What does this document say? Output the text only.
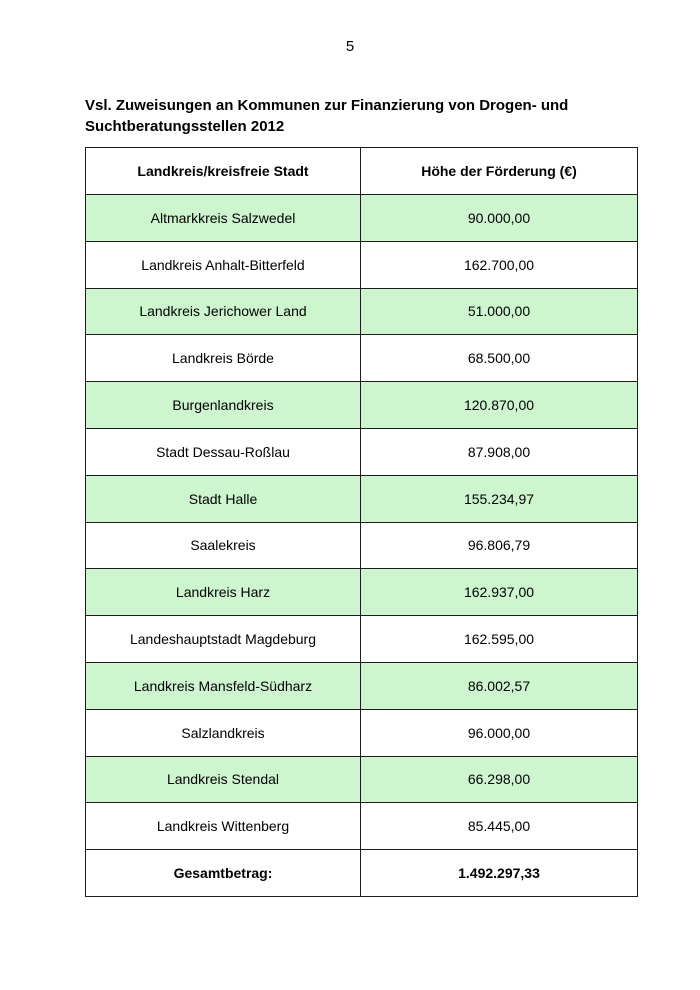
5
Vsl. Zuweisungen an Kommunen zur Finanzierung von Drogen- und
Suchtberatungsstellen 2012
Landkreis/kreisfreie Stadt	Höhe der Förderung (€)
Altmarkkreis Salzwedel	90.000,00
Landkreis Anhalt-Bitterfeld	162.700,00
Landkreis Jerichower Land	51.000,00
Landkreis Börde	68.500,00
Burgenlandkreis	120.870,00
Stadt Dessau-Roßlau	87.908,00
Stadt Halle	155.234,97
Saalekreis	96.806,79
Landkreis Harz	162.937,00
Landeshauptstadt Magdeburg	162.595,00
Landkreis Mansfeld-Südharz	86.002,57
Salzlandkreis	96.000,00
Landkreis Stendal	66.298,00
Landkreis Wittenberg	85.445,00
Gesamtbetrag:	1.492.297,33
